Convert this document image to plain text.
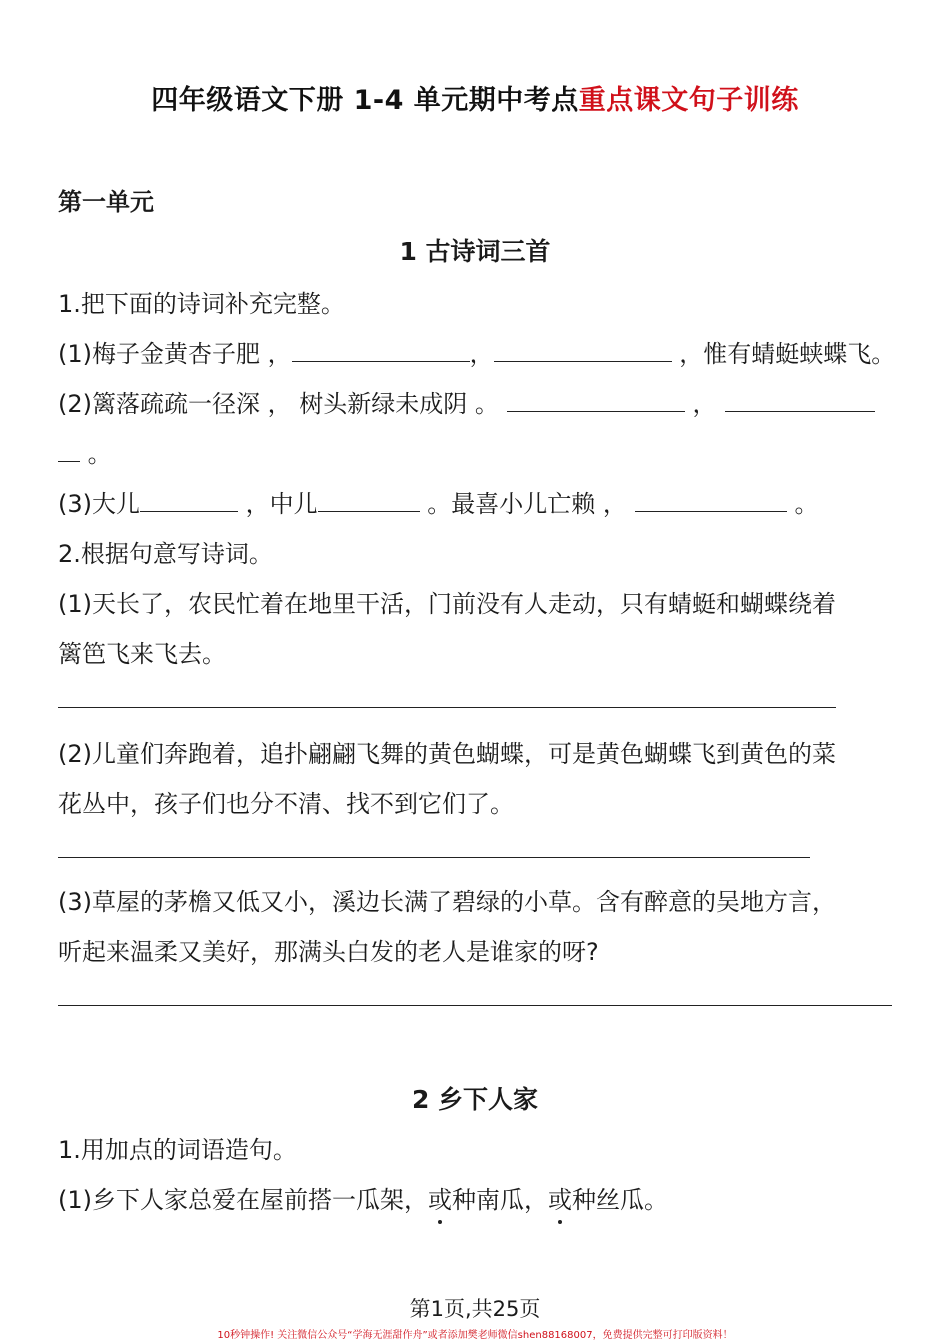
四年级语文下册 1-4 单元期中考点重点课文句子训练
第一单元
1 古诗词三首
1.把下面的诗词补充完整。
(1)梅子金黄杏子肥 ，	，	，惟有蜻蜓蛱蝶飞。
(2)篱落疏疏一径深 ， 树头新绿未成阴 。	，
。
(3)大儿	，中儿	。最喜小儿亡赖 ，	。
2.根据句意写诗词。
(1)天长了，农民忙着在地里干活，门前没有人走动，只有蜻蜓和蝴蝶绕着
篱笆飞来飞去。
(2)儿童们奔跑着，追扑翩翩飞舞的黄色蝴蝶，可是黄色蝴蝶飞到黄色的菜
花丛中，孩子们也分不清、找不到它们了。
(3)草屋的茅檐又低又小，溪边长满了碧绿的小草。含有醉意的吴地方言，
听起来温柔又美好，那满头白发的老人是谁家的呀?
2 乡下人家
1.用加点的词语造句。
(1)乡下人家总爱在屋前搭一瓜架，或种南瓜，或种丝瓜。
第1页,共25页
10秒钟操作! 关注微信公众号“学海无涯甜作舟”或者添加樊老师微信shen88168007，免费提供完整可打印版资料！
